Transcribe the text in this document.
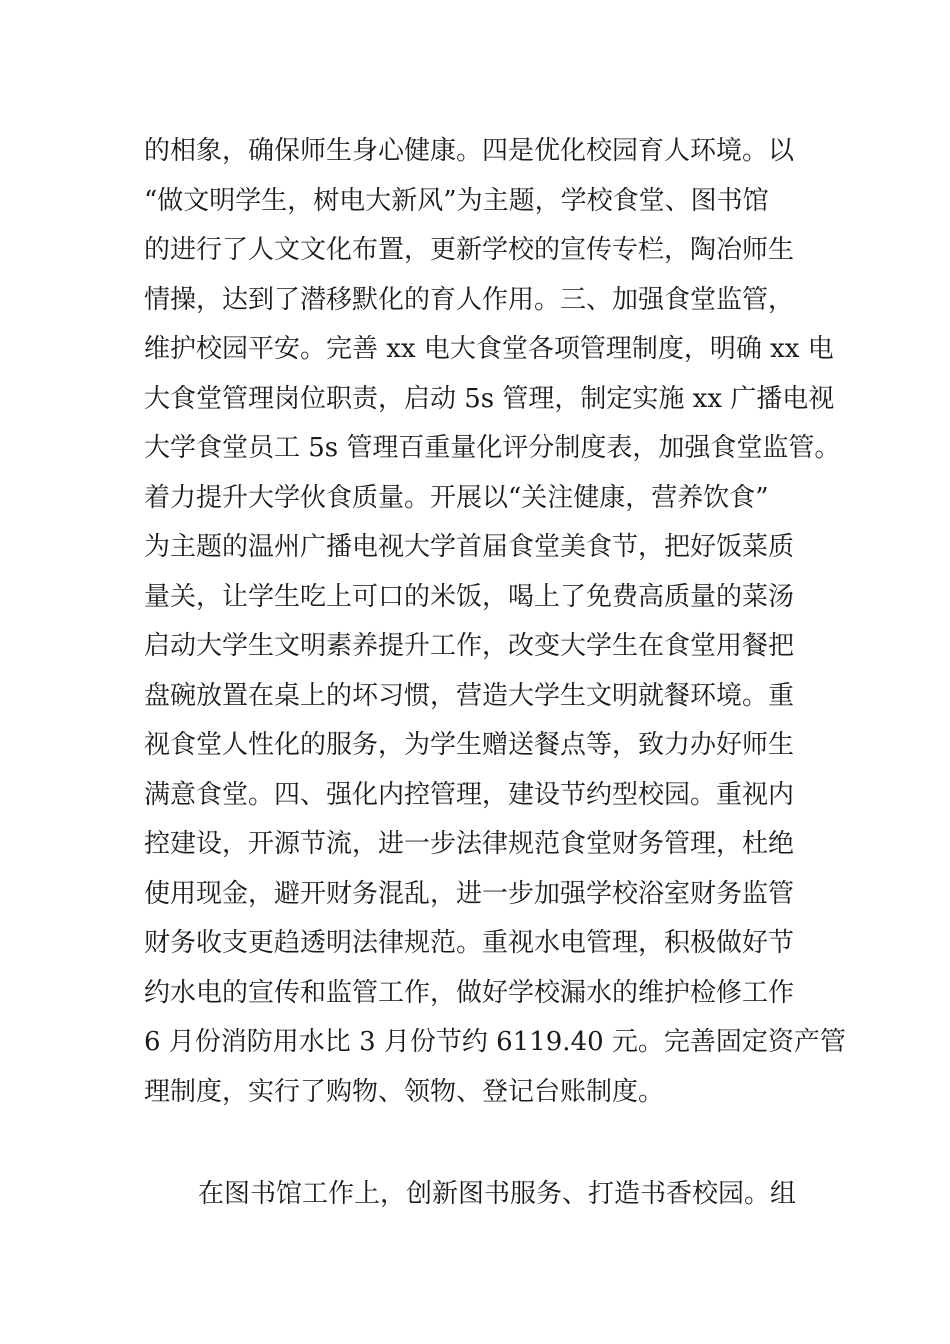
的相象，确保师生身心健康。四是优化校园育人环境。以
“做文明学生，树电大新风”为主题，学校食堂、图书馆
的进行了人文文化布置，更新学校的宣传专栏，陶冶师生
情操，达到了潜移默化的育人作用。三、加强食堂监管，
维护校园平安。完善 xx 电大食堂各项管理制度，明确 xx 电
大食堂管理岗位职责，启动 5s 管理，制定实施 xx 广播电视
大学食堂员工 5s 管理百重量化评分制度表，加强食堂监管。
着力提升大学伙食质量。开展以“关注健康，营养饮食”
为主题的温州广播电视大学首届食堂美食节，把好饭菜质
量关，让学生吃上可口的米饭，喝上了免费高质量的菜汤
启动大学生文明素养提升工作，改变大学生在食堂用餐把
盘碗放置在桌上的坏习惯，营造大学生文明就餐环境。重
视食堂人性化的服务，为学生赠送餐点等，致力办好师生
满意食堂。四、强化内控管理，建设节约型校园。重视内
控建设，开源节流，进一步法律规范食堂财务管理，杜绝
使用现金，避开财务混乱，进一步加强学校浴室财务监管
财务收支更趋透明法律规范。重视水电管理，积极做好节
约水电的宣传和监管工作，做好学校漏水的维护检修工作
6 月份消防用水比 3 月份节约 6119.40 元。完善固定资产管
理制度，实行了购物、领物、登记台账制度。
在图书馆工作上，创新图书服务、打造书香校园。组
